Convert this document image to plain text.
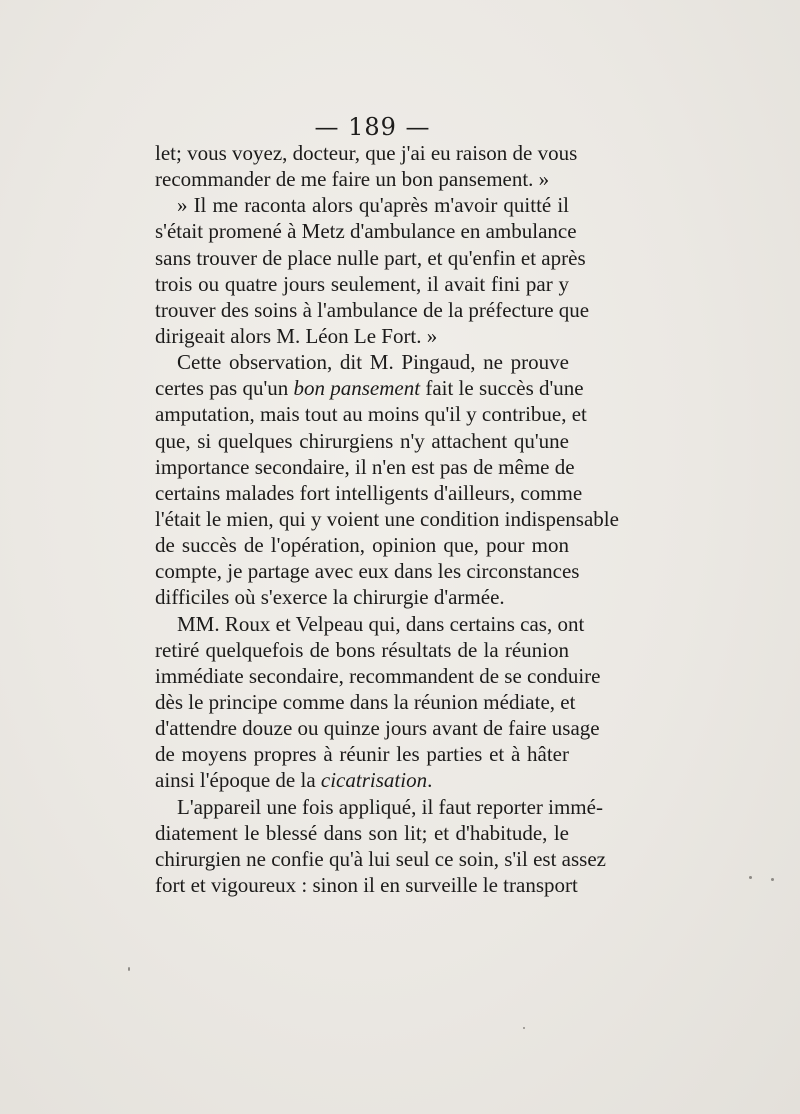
— 189 —
let; vous voyez, docteur, que j'ai eu raison de vous
recommander de me faire un bon pansement. »
» Il me raconta alors qu'après m'avoir quitté il
s'était promené à Metz d'ambulance en ambulance
sans trouver de place nulle part, et qu'enfin et après
trois ou quatre jours seulement, il avait fini par y
trouver des soins à l'ambulance de la préfecture que
dirigeait alors M. Léon Le Fort. »
Cette observation, dit M. Pingaud, ne prouve
certes pas qu'un bon pansement fait le succès d'une
amputation, mais tout au moins qu'il y contribue, et
que, si quelques chirurgiens n'y attachent qu'une
importance secondaire, il n'en est pas de même de
certains malades fort intelligents d'ailleurs, comme
l'était le mien, qui y voient une condition indispensable
de succès de l'opération, opinion que, pour mon
compte, je partage avec eux dans les circonstances
difficiles où s'exerce la chirurgie d'armée.
MM. Roux et Velpeau qui, dans certains cas, ont
retiré quelquefois de bons résultats de la réunion
immédiate secondaire, recommandent de se conduire
dès le principe comme dans la réunion médiate, et
d'attendre douze ou quinze jours avant de faire usage
de moyens propres à réunir les parties et à hâter
ainsi l'époque de la cicatrisation.
L'appareil une fois appliqué, il faut reporter immé-
diatement le blessé dans son lit; et d'habitude, le
chirurgien ne confie qu'à lui seul ce soin, s'il est assez
fort et vigoureux : sinon il en surveille le transport
